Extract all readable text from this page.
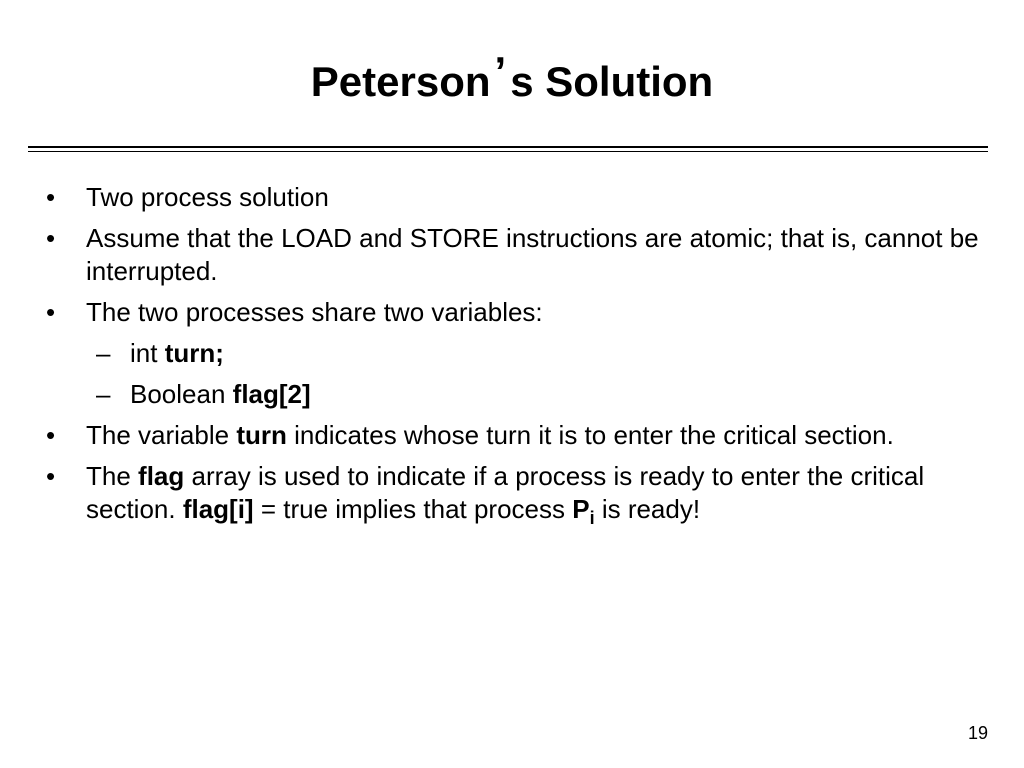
Peterson’s Solution
• Two process solution
• Assume that the LOAD and STORE instructions are atomic; that is, cannot be interrupted.
• The two processes share two variables:
– int turn;
– Boolean flag[2]
• The variable turn indicates whose turn it is to enter the critical section.
• The flag array is used to indicate if a process is ready to enter the critical section. flag[i] = true implies that process $P_i$ is ready!
19
